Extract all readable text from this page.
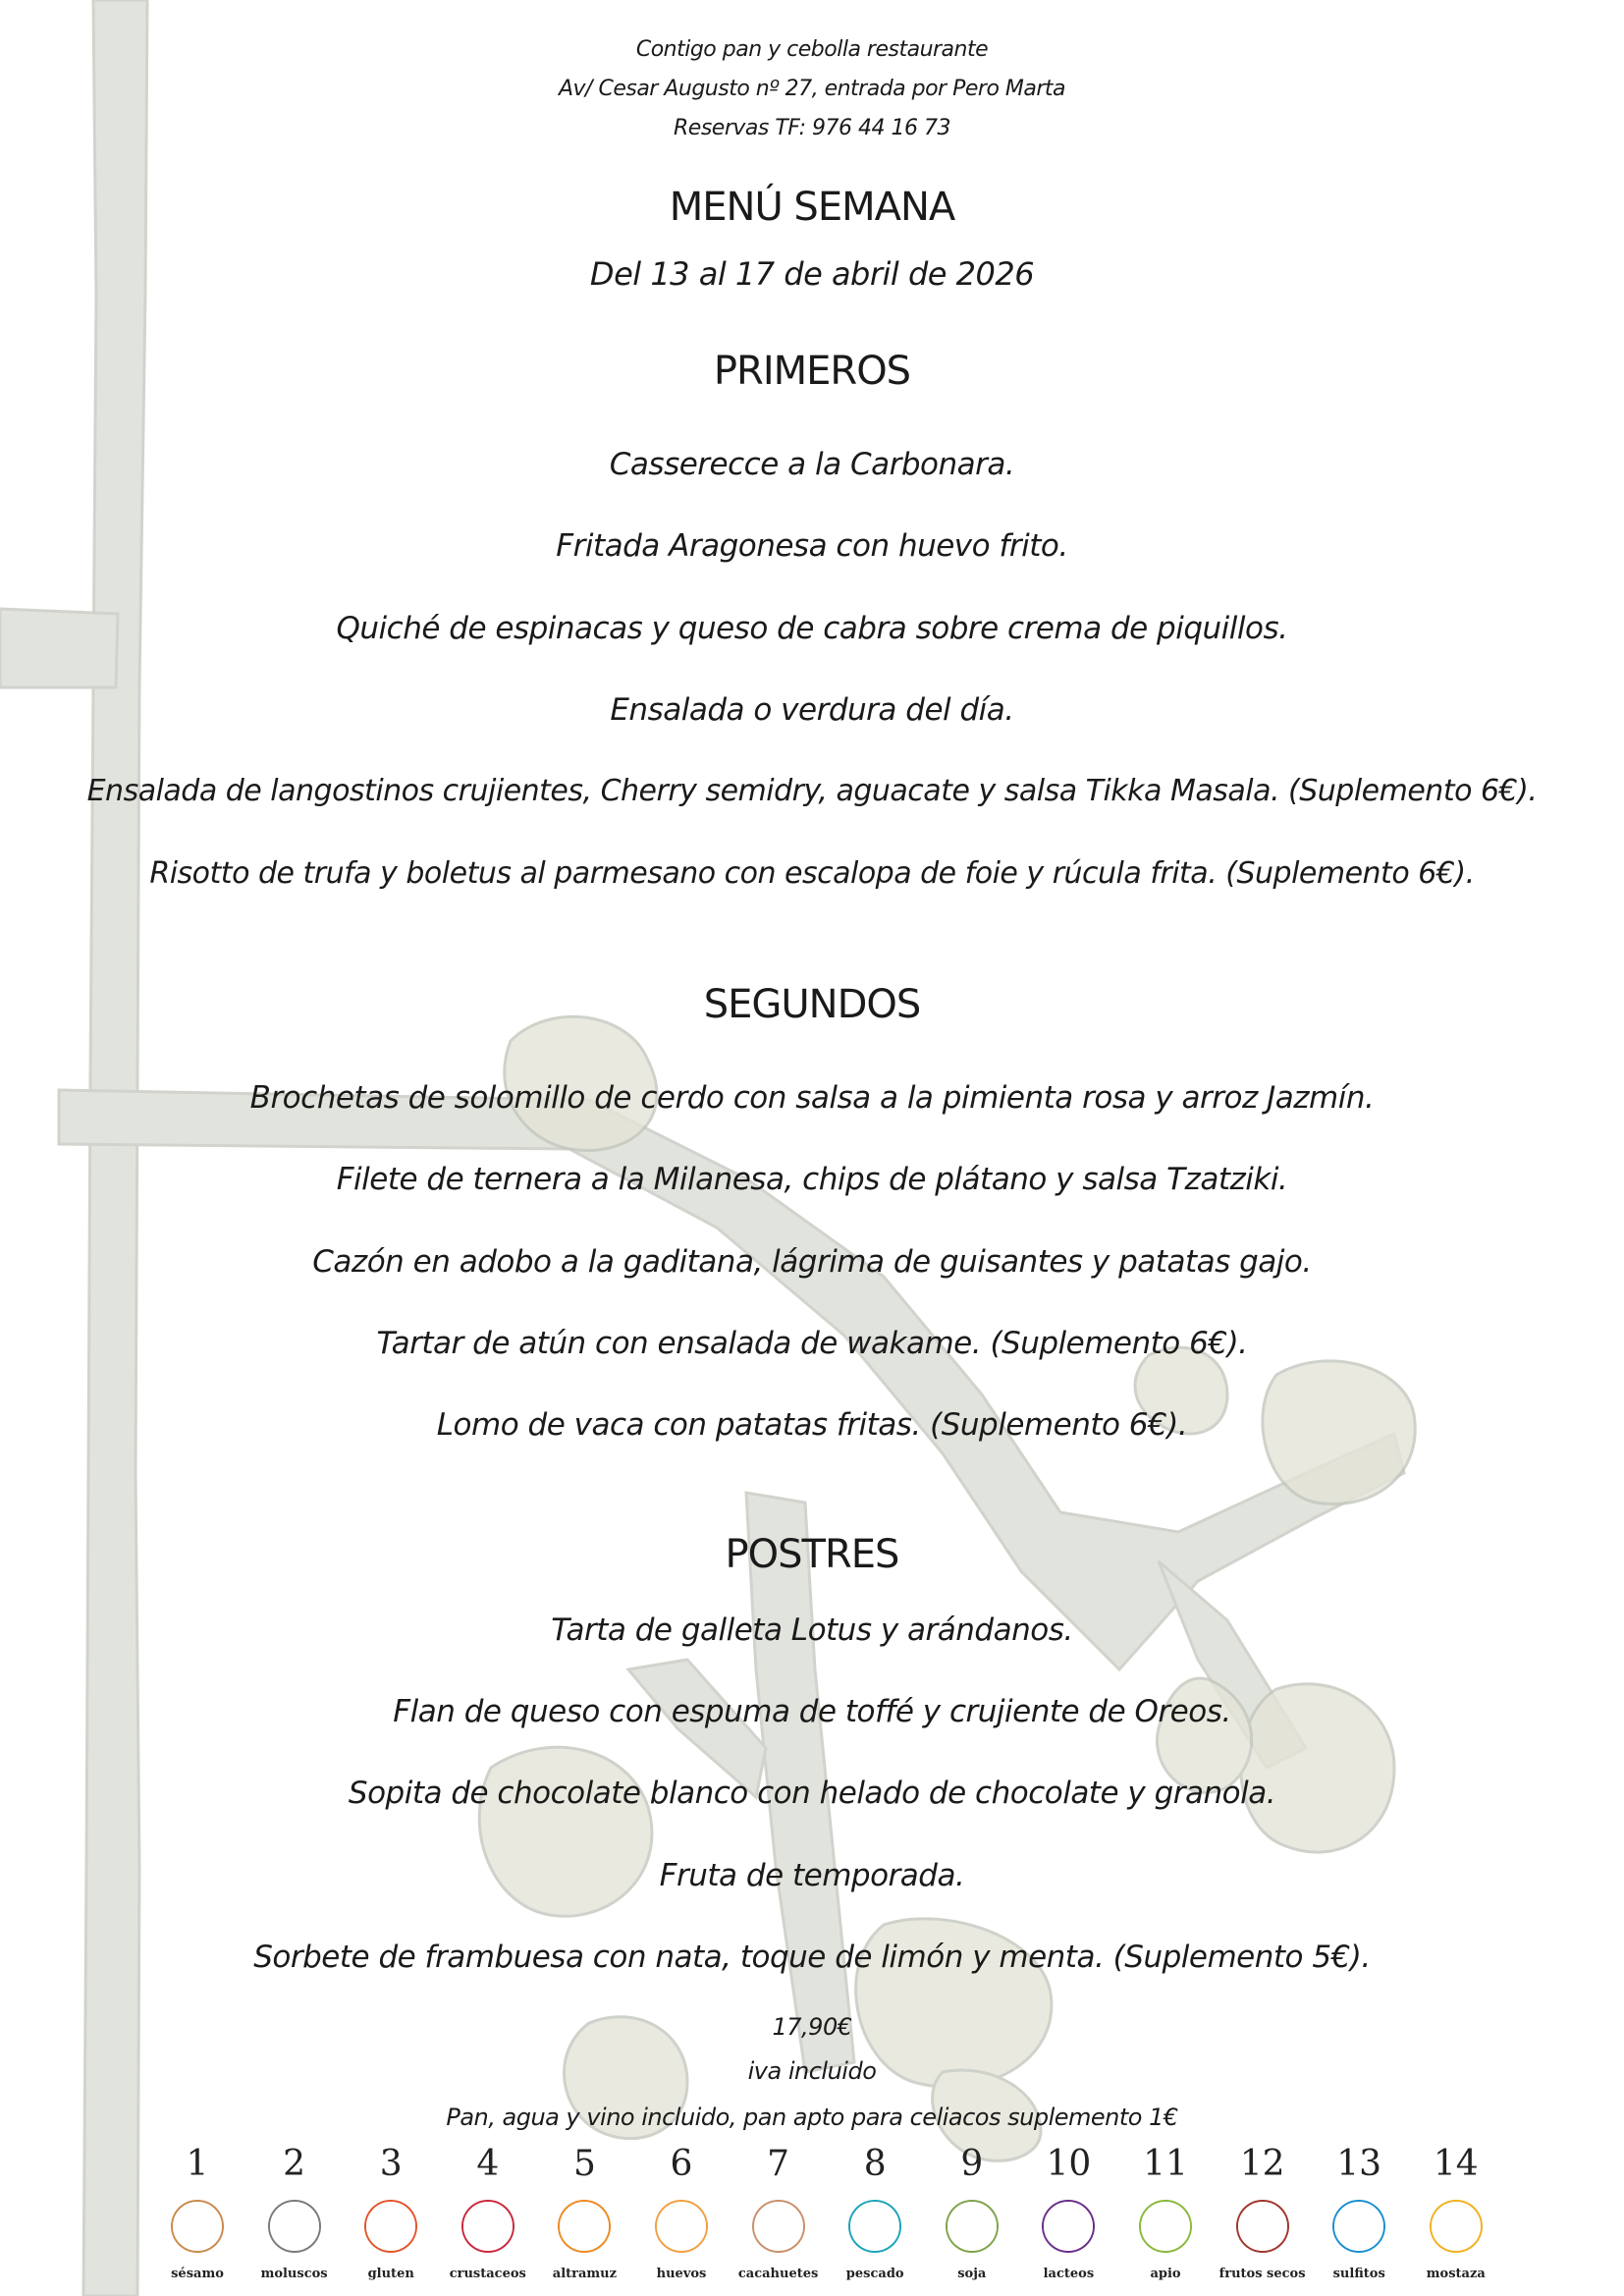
Contigo pan y cebolla restaurante
Av/ Cesar Augusto nº 27, entrada por Pero Marta
Reservas TF: 976 44 16 73
MENÚ SEMANA
Del 13 al 17 de abril de 2026
PRIMEROS
Casserecce a la Carbonara.
Fritada Aragonesa con huevo frito.
Quiché de espinacas y queso de cabra sobre crema de piquillos.
Ensalada o verdura del día.
Ensalada de langostinos crujientes, Cherry semidry, aguacate y salsa Tikka Masala. (Suplemento 6€).
Risotto de trufa y boletus al parmesano con escalopa de foie y rúcula frita. (Suplemento 6€).
SEGUNDOS
Brochetas de solomillo de cerdo con salsa a la pimienta rosa y arroz Jazmín.
Filete de ternera a la Milanesa, chips de plátano y salsa Tzatziki.
Cazón en adobo a la gaditana, lágrima de guisantes y patatas gajo.
Tartar de atún con ensalada de wakame. (Suplemento 6€).
Lomo de vaca con patatas fritas. (Suplemento 6€).
POSTRES
Tarta de galleta Lotus y arándanos.
Flan de queso con espuma de toffé y crujiente de Oreos.
Sopita de chocolate blanco con helado de chocolate y granola.
Fruta de temporada.
Sorbete de frambuesa con nata, toque de limón y menta. (Suplemento 5€).
17,90€
iva incluido
Pan, agua y vino incluido, pan apto para celiacos suplemento 1€
1
∴
sésamo
2
◉
moluscos
3
✾
gluten
4
✺
crustaceos
5
❀
altramuz
6
⬮
huevos
7
∞
cacahuetes
8
≻
pescado
9
❦
soja
10
▮
lacteos
11
⸙
apio
12
●
frutos secos
13
▭
sulfitos
14
⁄
mostaza
